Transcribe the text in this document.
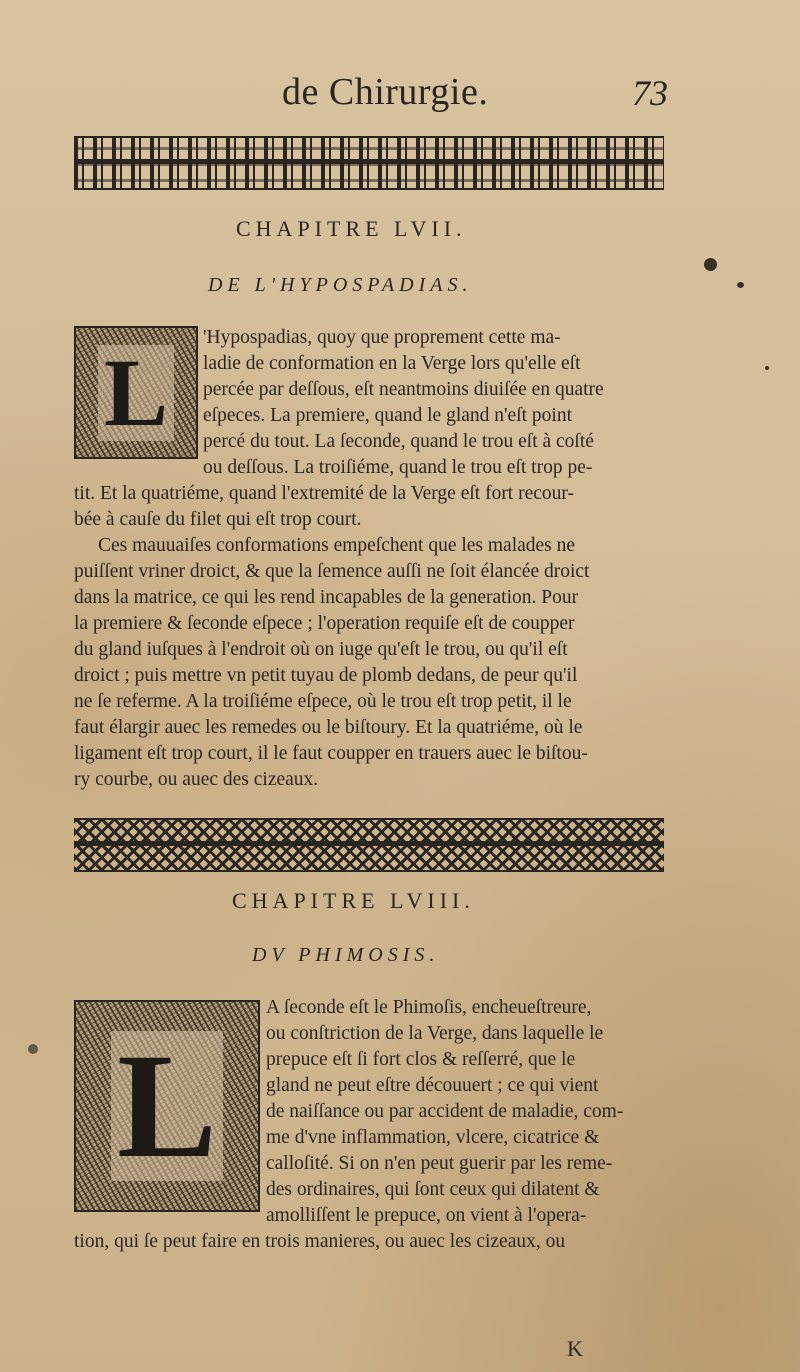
de Chirurgie.	73
CHAPITRE LVII.
DE L'HYPOSPADIAS.
L
'Hypospadias, quoy que proprement cette ma-
ladie de conformation en la Verge lors qu'elle eſt
percée par deſſous, eſt neantmoins diuiſée en quatre
eſpeces. La premiere, quand le gland n'eſt point
percé du tout. La ſeconde, quand le trou eſt à coſté
ou deſſous. La troiſiéme, quand le trou eſt trop pe-
tit. Et la quatriéme, quand l'extremité de la Verge eſt fort recour-
bée à cauſe du filet qui eſt trop court.
Ces mauuaiſes conformations empeſchent que les malades ne
puiſſent vriner droict, & que la ſemence auſſi ne ſoit élancée droict
dans la matrice, ce qui les rend incapables de la generation. Pour
la premiere & ſeconde eſpece ; l'operation requiſe eſt de coupper
du gland iuſques à l'endroit où on iuge qu'eſt le trou, ou qu'il eſt
droict ; puis mettre vn petit tuyau de plomb dedans, de peur qu'il
ne ſe referme. A la troiſiéme eſpece, où le trou eſt trop petit, il le
faut élargir auec les remedes ou le biſtoury. Et la quatriéme, où le
ligament eſt trop court, il le faut coupper en trauers auec le biſtou-
ry courbe, ou auec des cizeaux.
CHAPITRE LVIII.
DV PHIMOSIS.
L
A ſeconde eſt le Phimoſis, encheueſtreure,
ou conſtriction de la Verge, dans laquelle le
prepuce eſt ſi fort clos & reſſerré, que le
gland ne peut eſtre découuert ; ce qui vient
de naiſſance ou par accident de maladie, com-
me d'vne inflammation, vlcere, cicatrice &
calloſité. Si on n'en peut guerir par les reme-
des ordinaires, qui ſont ceux qui dilatent &
amolliſſent le prepuce, on vient à l'opera-
tion, qui ſe peut faire en trois manieres, ou auec les cizeaux, ou
K
